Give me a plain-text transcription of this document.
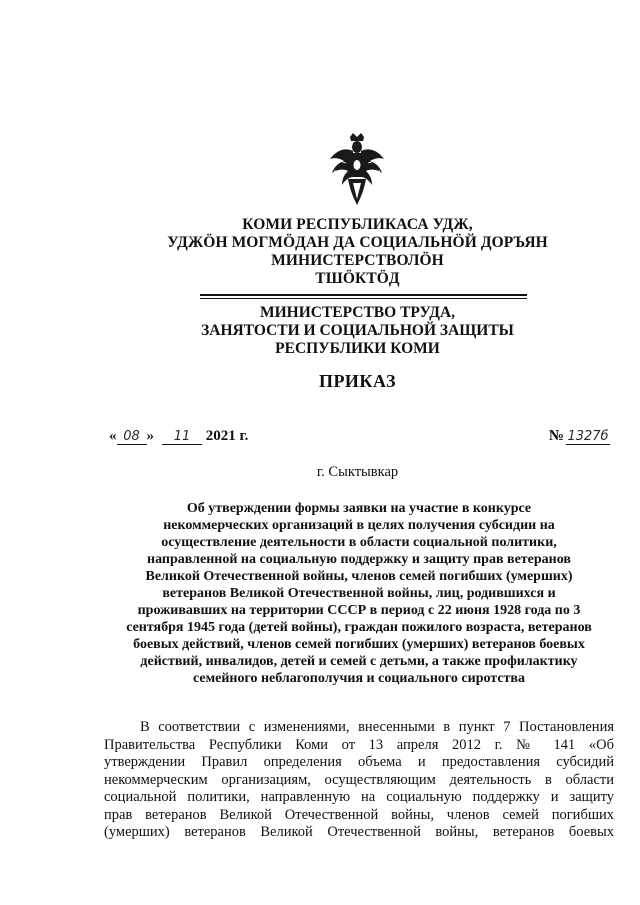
КОМИ РЕСПУБЛИКАСА УДЖ,
УДЖÖН МОГМÖДАН ДА СОЦИАЛЬНÖЙ ДОРЪЯН
МИНИСТЕРСТВОЛÖН
ТШÖКТÖД
МИНИСТЕРСТВО ТРУДА,
ЗАНЯТОСТИ И СОЦИАЛЬНОЙ ЗАЩИТЫ
РЕСПУБЛИКИ КОМИ
ПРИКАЗ
« 08 » 11 2021 г.	№ 1327б
г. Сыктывкар
Об утверждении формы заявки на участие в конкурсе
некоммерческих организаций в целях получения субсидии на
осуществление деятельности в области социальной политики,
направленной на социальную поддержку и защиту прав ветеранов
Великой Отечественной войны, членов семей погибших (умерших)
ветеранов Великой Отечественной войны, лиц, родившихся и
проживавших на территории СССР в период с 22 июня 1928 года по 3
сентября 1945 года (детей войны), граждан пожилого возраста, ветеранов
боевых действий, членов семей погибших (умерших) ветеранов боевых
действий, инвалидов, детей и семей с детьми, а также профилактику
семейного неблагополучия и социального сиротства
В соответствии с изменениями, внесенными в пункт 7 Постановления
Правительства Республики Коми от 13 апреля 2012 г. № 141 «Об
утверждении Правил определения объема и предоставления субсидий
некоммерческим организациям, осуществляющим деятельность в области
социальной политики, направленную на социальную поддержку и защиту
прав ветеранов Великой Отечественной войны, членов семей погибших
(умерших) ветеранов Великой Отечественной войны, ветеранов боевых
